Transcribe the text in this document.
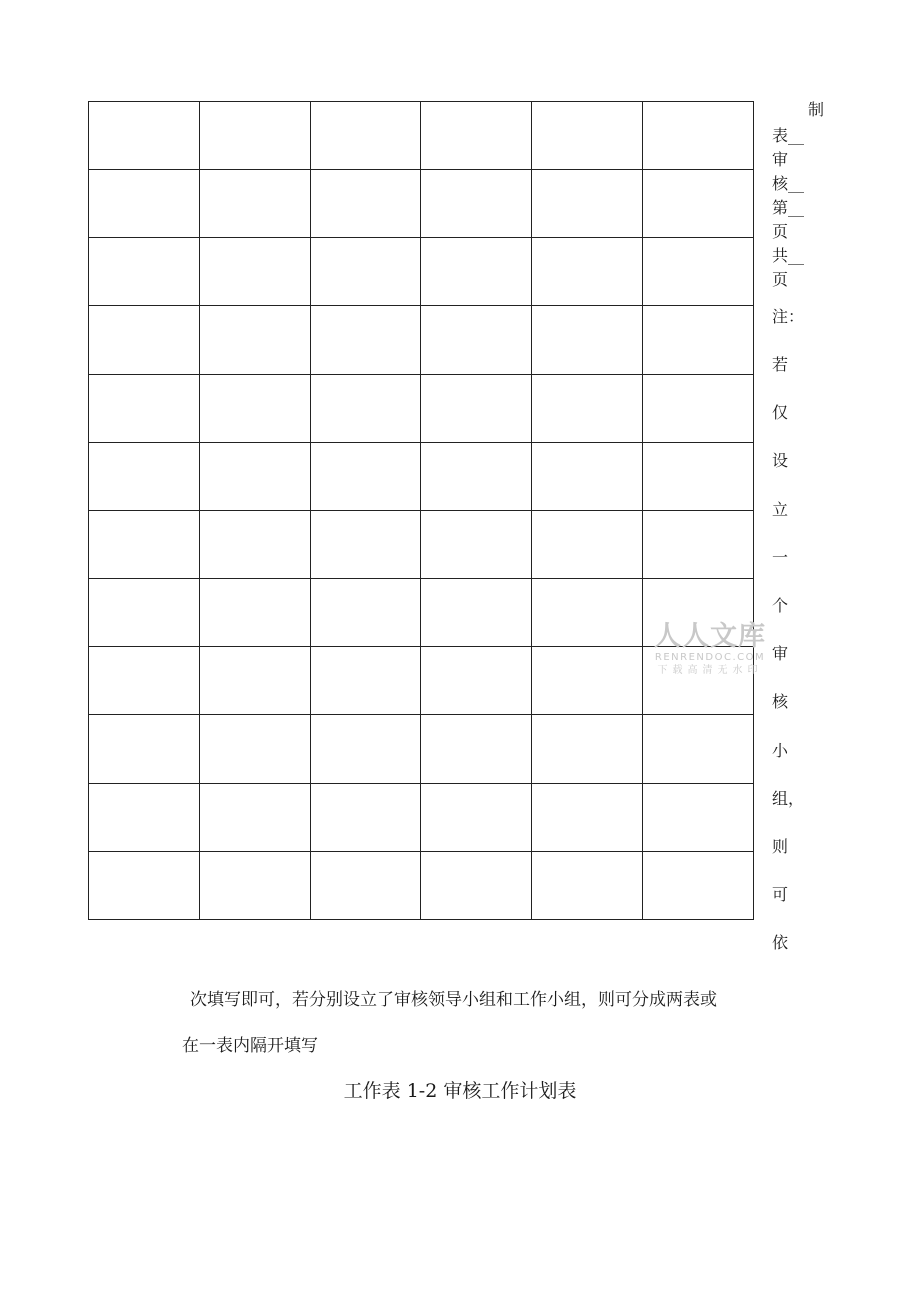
制
表__
审
核__
第__
页
共__
页
注：
若
仅
设
立
一
个
审
核
小
组，
则
可
依
次填写即可，若分别设立了审核领导小组和工作小组，则可分成两表或
在一表内隔开填写
工作表 1-2 审核工作计划表
人人文库
RENRENDOC.COM
下载高清无水印
